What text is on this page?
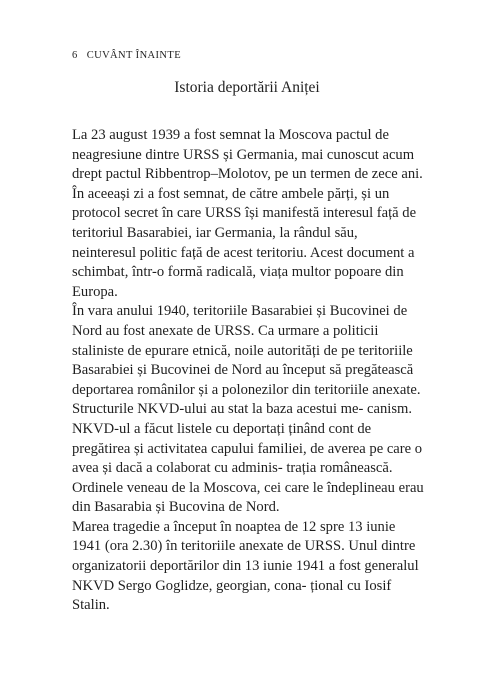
6 CUVÂNT ÎNAINTE
Istoria deportării Aniței
La 23 august 1939 a fost semnat la Moscova pactul de neagresiune dintre URSS și Germania, mai cunoscut acum drept pactul Ribbentrop–Molotov, pe un termen de zece ani. În aceeași zi a fost semnat, de către ambele părți, și un protocol secret în care URSS își manifestă interesul față de teritoriul Basarabiei, iar Germania, la rândul său, neinteresul politic față de acest teritoriu. Acest document a schimbat, într-o formă radicală, viața multor popoare din Europa.
În vara anului 1940, teritoriile Basarabiei și Bucovinei de Nord au fost anexate de URSS. Ca urmare a politicii staliniste de epurare etnică, noile autorități de pe teritoriile Basarabiei și Bucovinei de Nord au început să pregătească deportarea românilor și a polonezilor din teritoriile anexate.
Structurile NKVD-ului au stat la baza acestui me- canism. NKVD-ul a făcut listele cu deportați ținând cont de pregătirea și activitatea capului familiei, de averea pe care o avea și dacă a colaborat cu adminis- trația românească. Ordinele veneau de la Moscova, cei care le îndeplineau erau din Basarabia și Bucovina de Nord.
Marea tragedie a început în noaptea de 12 spre 13 iunie 1941 (ora 2.30) în teritoriile anexate de URSS. Unul dintre organizatorii deportărilor din 13 iunie 1941 a fost generalul NKVD Sergo Goglidze, georgian, cona- țional cu Iosif Stalin.
